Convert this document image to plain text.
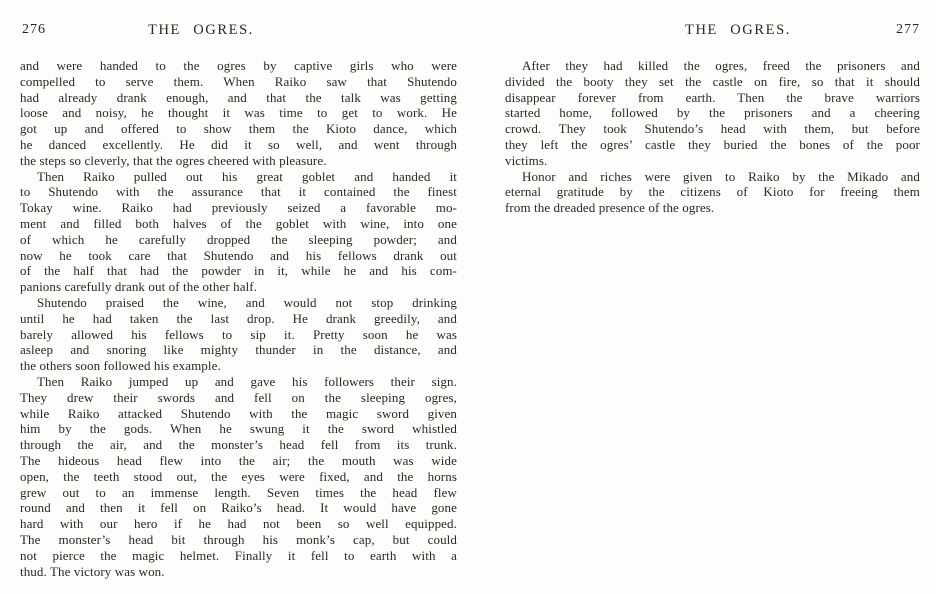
276	THE OGRES.
and were handed to the ogres by captive girls who were
compelled to serve them. When Raiko saw that Shutendo
had already drank enough, and that the talk was getting
loose and noisy, he thought it was time to get to work. He
got up and offered to show them the Kioto dance, which
he danced excellently. He did it so well, and went through
the steps so cleverly, that the ogres cheered with pleasure.
Then Raiko pulled out his great goblet and handed it
to Shutendo with the assurance that it contained the finest
Tokay wine. Raiko had previously seized a favorable mo-
ment and filled both halves of the goblet with wine, into one
of which he carefully dropped the sleeping powder; and
now he took care that Shutendo and his fellows drank out
of the half that had the powder in it, while he and his com-
panions carefully drank out of the other half.
Shutendo praised the wine, and would not stop drinking
until he had taken the last drop. He drank greedily, and
barely allowed his fellows to sip it. Pretty soon he was
asleep and snoring like mighty thunder in the distance, and
the others soon followed his example.
Then Raiko jumped up and gave his followers their sign.
They drew their swords and fell on the sleeping ogres,
while Raiko attacked Shutendo with the magic sword given
him by the gods. When he swung it the sword whistled
through the air, and the monster’s head fell from its trunk.
The hideous head flew into the air; the mouth was wide
open, the teeth stood out, the eyes were fixed, and the horns
grew out to an immense length. Seven times the head flew
round and then it fell on Raiko’s head. It would have gone
hard with our hero if he had not been so well equipped.
The monster’s head bit through his monk’s cap, but could
not pierce the magic helmet. Finally it fell to earth with a
thud. The victory was won.
THE OGRES.	277
After they had killed the ogres, freed the prisoners and
divided the booty they set the castle on fire, so that it should
disappear forever from earth. Then the brave warriors
started home, followed by the prisoners and a cheering
crowd. They took Shutendo’s head with them, but before
they left the ogres’ castle they buried the bones of the poor
victims.
Honor and riches were given to Raiko by the Mikado and
eternal gratitude by the citizens of Kioto for freeing them
from the dreaded presence of the ogres.
